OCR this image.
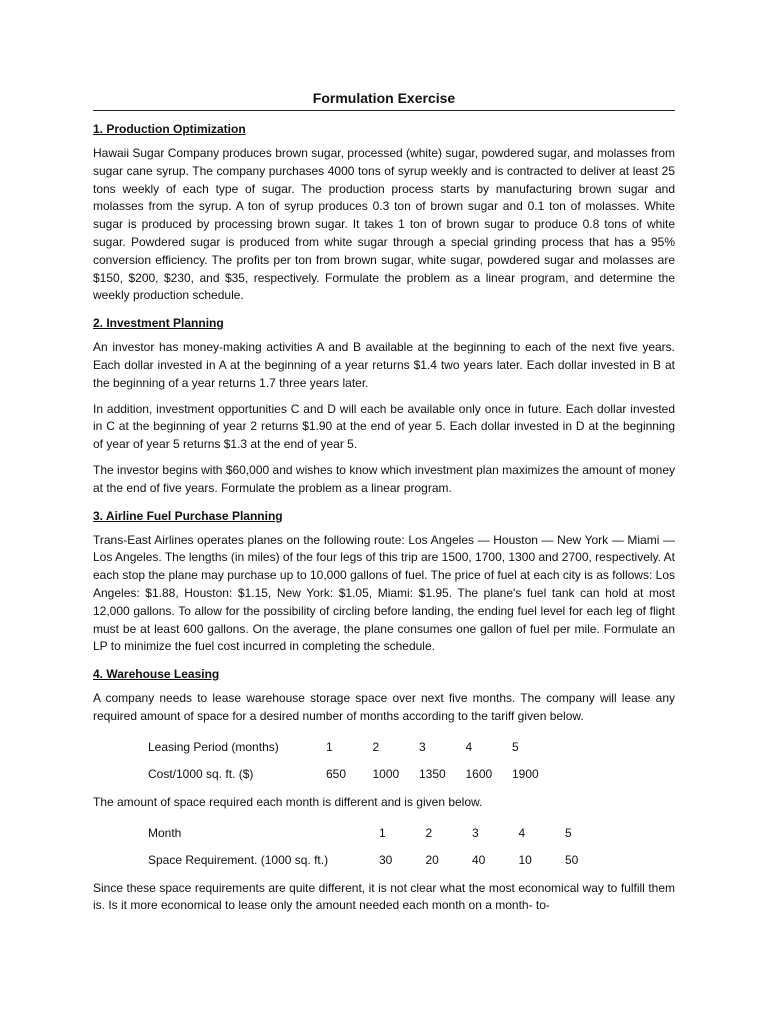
Formulation Exercise
1. Production Optimization

Hawaii Sugar Company produces brown sugar, processed (white) sugar, powdered sugar, and molasses from sugar cane syrup. The company purchases 4000 tons of syrup weekly and is contracted to deliver at least 25 tons weekly of each type of sugar. The production process starts by manufacturing brown sugar and molasses from the syrup. A ton of syrup produces 0.3 ton of brown sugar and 0.1 ton of molasses. White sugar is produced by processing brown sugar. It takes 1 ton of brown sugar to produce 0.8 tons of white sugar. Powdered sugar is produced from white sugar through a special grinding process that has a 95% conversion efficiency. The profits per ton from brown sugar, white sugar, powdered sugar and molasses are $150, $200, $230, and $35, respectively. Formulate the problem as a linear program, and determine the weekly production schedule.

2. Investment Planning

An investor has money-making activities A and B available at the beginning to each of the next five years. Each dollar invested in A at the beginning of a year returns $1.4 two years later. Each dollar invested in B at the beginning of a year returns 1.7 three years later.

In addition, investment opportunities C and D will each be available only once in future. Each dollar invested in C at the beginning of year 2 returns $1.90 at the end of year 5. Each dollar invested in D at the beginning of year of year 5 returns $1.3 at the end of year 5.

The investor begins with $60,000 and wishes to know which investment plan maximizes the amount of money at the end of five years. Formulate the problem as a linear program.

3. Airline Fuel Purchase Planning

Trans-East Airlines operates planes on the following route: Los Angeles — Houston — New York — Miami — Los Angeles. The lengths (in miles) of the four legs of this trip are 1500, 1700, 1300 and 2700, respectively. At each stop the plane may purchase up to 10,000 gallons of fuel. The price of fuel at each city is as follows: Los Angeles: $1.88, Houston: $1.15, New York: $1.05, Miami: $1.95. The plane's fuel tank can hold at most 12,000 gallons. To allow for the possibility of circling before landing, the ending fuel level for each leg of flight must be at least 600 gallons. On the average, the plane consumes one gallon of fuel per mile. Formulate an LP to minimize the fuel cost incurred in completing the schedule.

4. Warehouse Leasing

A company needs to lease warehouse storage space over next five months. The company will lease any required amount of space for a desired number of months according to the tariff given below.

Leasing Period (months)	1	2	3	4	5
Cost/1000 sq. ft. ($)	650	1000	1350	1600	1900

The amount of space required each month is different and is given below.

Month	1	2	3	4	5
Space Requirement. (1000 sq. ft.)	30	20	40	10	50

Since these space requirements are quite different, it is not clear what the most economical way to fulfill them is. Is it more economical to lease only the amount needed each month on a month- to-
